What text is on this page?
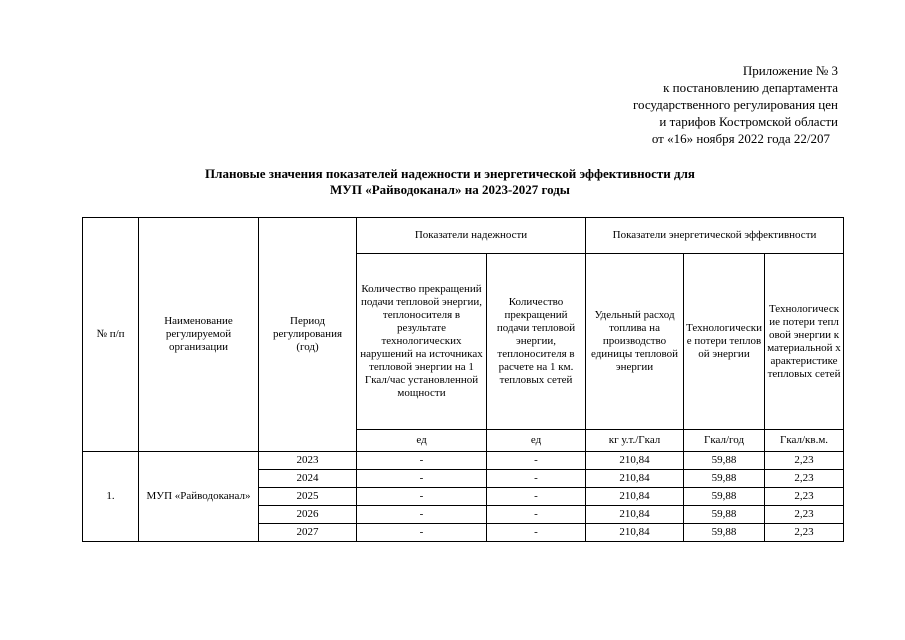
Приложение № 3
к постановлению департамента
государственного регулирования цен
и тарифов Костромской области
от «16» ноября 2022 года 22/207
Плановые значения показателей надежности и энергетической эффективности для
МУП «Райводоканал» на 2023-2027 годы
№ п/п	Наименование регулируемой организации	Период регулирования (год)	Показатели надежности		Показатели энергетической эффективности		
			Количество прекращений подачи тепловой энергии, теплоносителя в результате технологических нарушений на источниках тепловой энергии на 1 Гкал/час установленной мощности	Количество прекращений подачи тепловой энергии, теплоносителя в расчете на 1 км. тепловых сетей	Удельный расход топлива на производство единицы тепловой энергии	Технологические потери тепловой энергии	Технологические потери тепловой энергии к материальной характеристике тепловых сетей
			ед	ед	кг у.т./Гкал	Гкал/год	Гкал/кв.м.
1.	МУП «Райводоканал»	2023	-	-	210,84	59,88	2,23
		2024	-	-	210,84	59,88	2,23
		2025	-	-	210,84	59,88	2,23
		2026	-	-	210,84	59,88	2,23
		2027	-	-	210,84	59,88	2,23
